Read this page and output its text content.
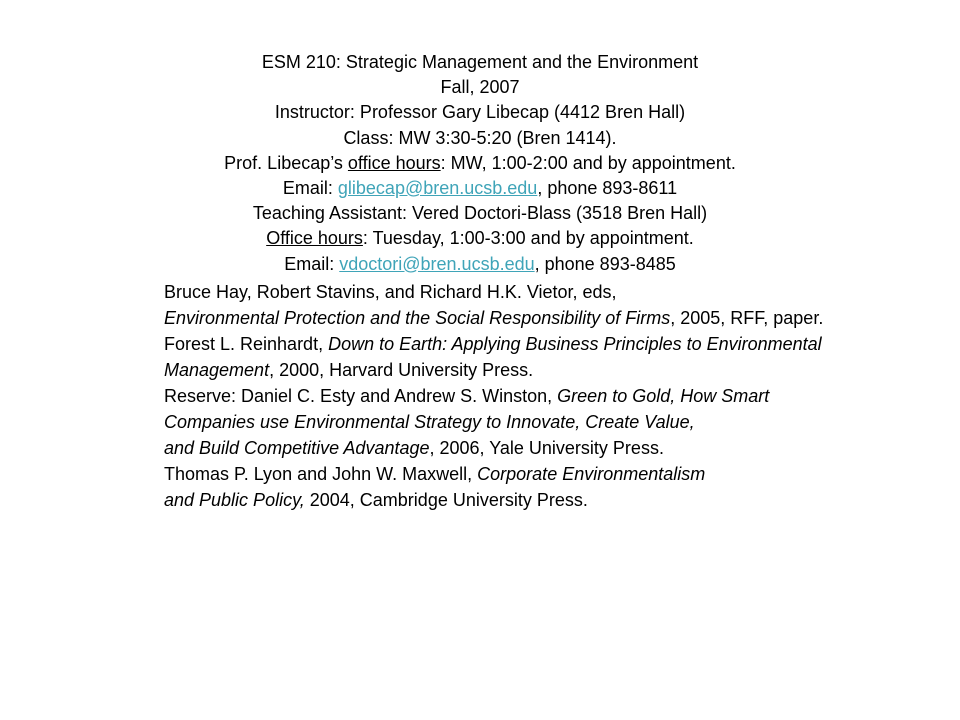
ESM 210: Strategic Management and the Environment
Fall, 2007
Instructor: Professor Gary Libecap (4412 Bren Hall)
Class: MW 3:30-5:20 (Bren 1414).
Prof. Libecap’s office hours: MW, 1:00-2:00 and by appointment.
Email: glibecap@bren.ucsb.edu, phone 893-8611
Teaching Assistant: Vered Doctori-Blass (3518 Bren Hall)
Office hours: Tuesday, 1:00-3:00 and by appointment.
Email: vdoctori@bren.ucsb.edu, phone 893-8485
Bruce Hay, Robert Stavins, and Richard H.K. Vietor, eds,
Environmental Protection and the Social Responsibility of Firms, 2005, RFF, paper.
Forest L. Reinhardt, Down to Earth: Applying Business Principles to Environmental
Management, 2000, Harvard University Press.
Reserve: Daniel C. Esty and Andrew S. Winston, Green to Gold, How Smart
Companies use Environmental Strategy to Innovate, Create Value,
and Build Competitive Advantage, 2006, Yale University Press.
Thomas P. Lyon and John W. Maxwell, Corporate Environmentalism
and Public Policy, 2004, Cambridge University Press.
